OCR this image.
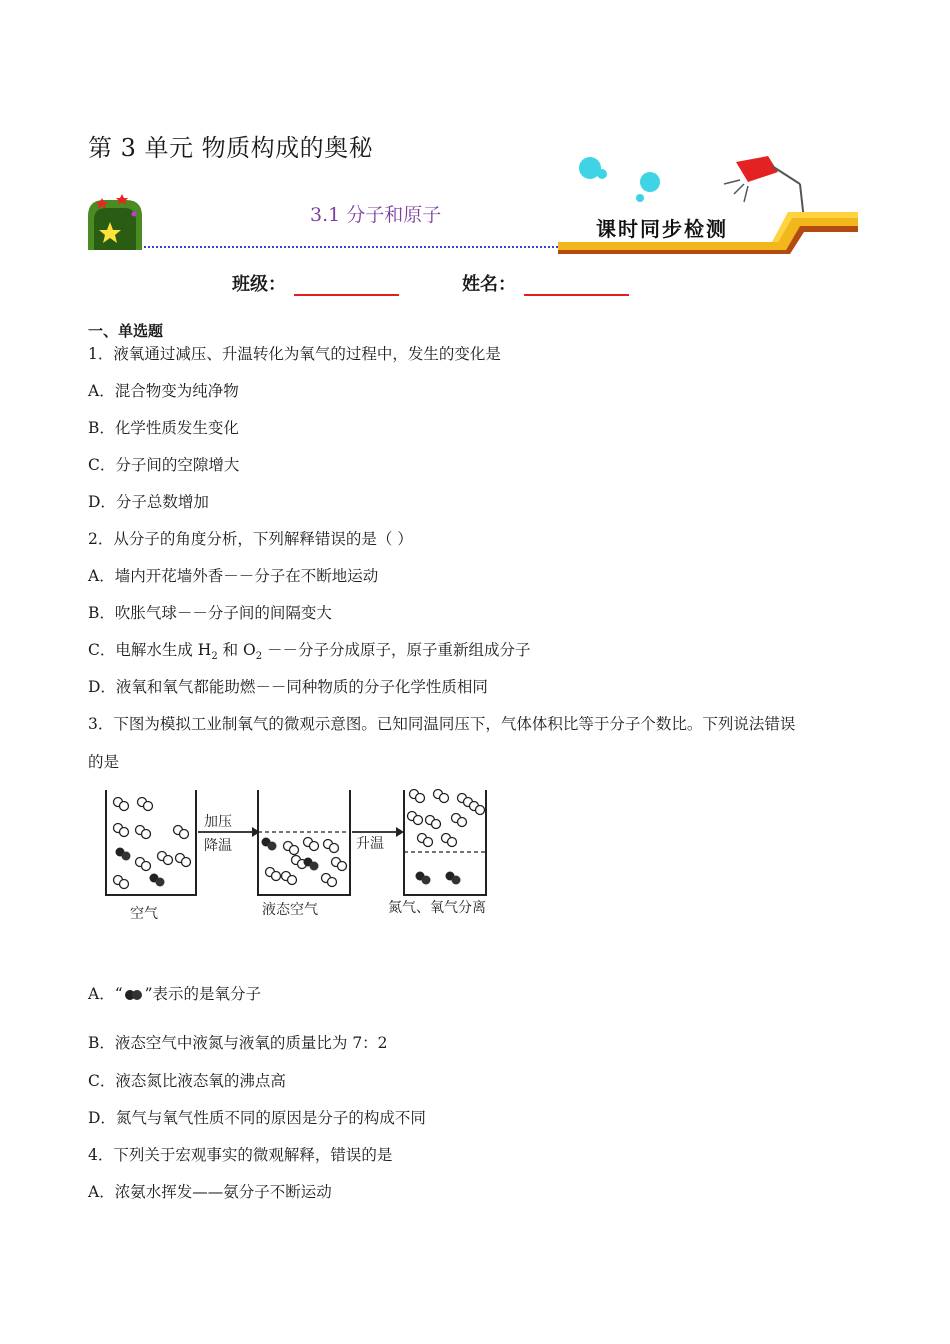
第 3 单元 物质构成的奥秘
3.1 分子和原子
课时同步检测
班级：	姓名：
一、单选题
1．液氧通过减压、升温转化为氧气的过程中，发生的变化是
A．混合物变为纯净物
B．化学性质发生变化
C．分子间的空隙增大
D．分子总数增加
2．从分子的角度分析，下列解释错误的是（ ）
A．墙内开花墙外香－－分子在不断地运动
B．吹胀气球－－分子间的间隔变大
C．电解水生成 $H_2$ 和 $O_2$ －－分子分成原子，原子重新组成分子
D．液氧和氧气都能助燃－－同种物质的分子化学性质相同
3．下图为模拟工业制氧气的微观示意图。已知同温同压下，气体体积比等于分子个数比。下列说法错误
的是
加压
降温	升温
空气	液态空气	氮气、氧气分离
A．“ ”表示的是氧分子
B．液态空气中液氮与液氧的质量比为 7：2
C．液态氮比液态氧的沸点高
D．氮气与氧气性质不同的原因是分子的构成不同
4．下列关于宏观事实的微观解释，错误的是
A．浓氨水挥发——氨分子不断运动
